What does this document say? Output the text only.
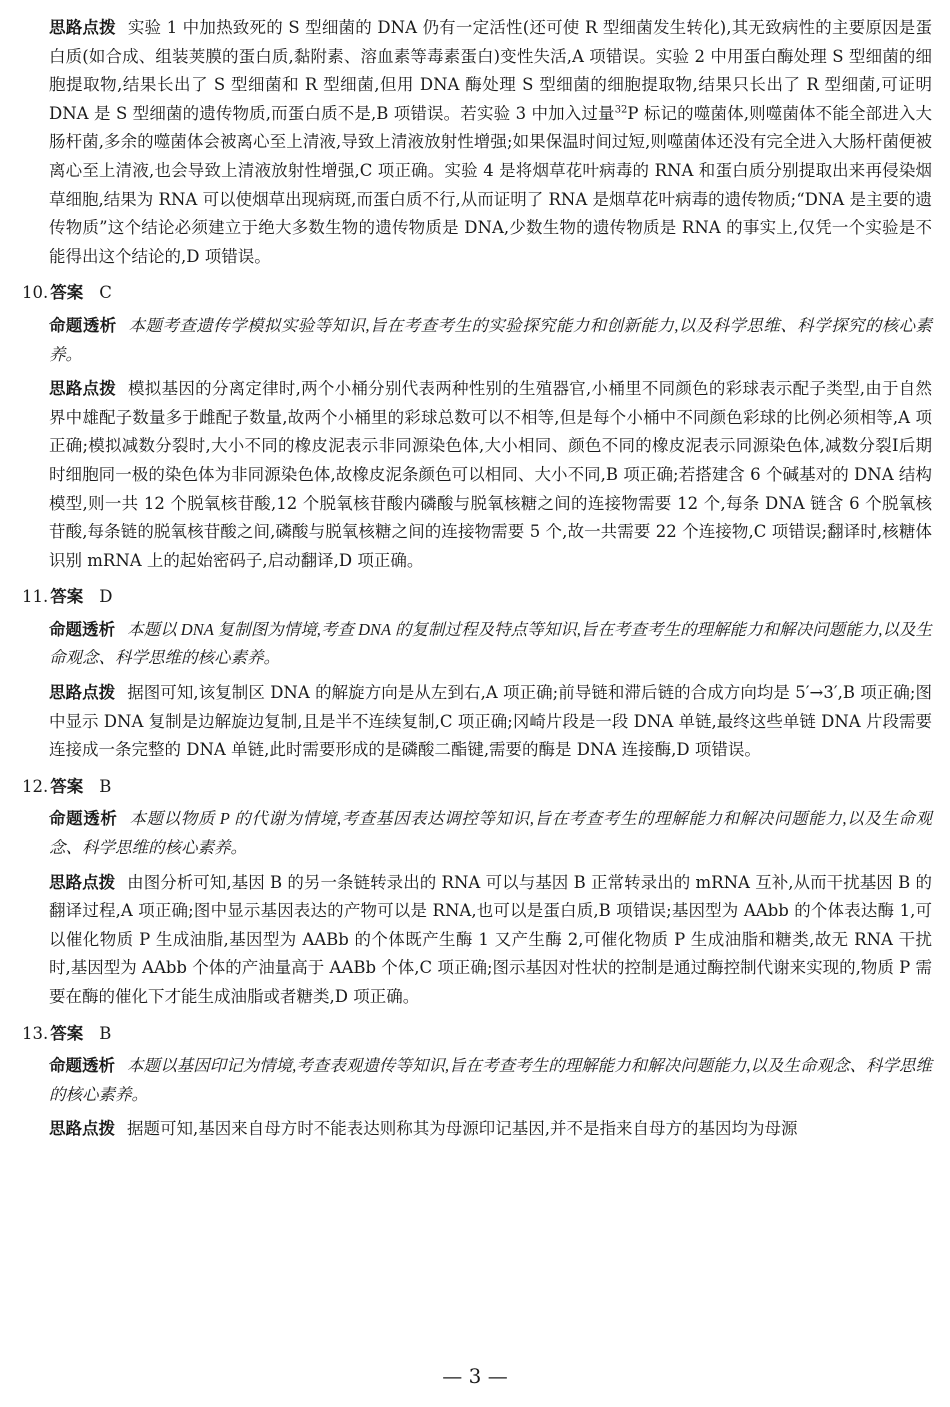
思路点拨 实验 1 中加热致死的 S 型细菌的 DNA 仍有一定活性(还可使 R 型细菌发生转化),其无致病性的主要原因是蛋白质(如合成、组装荚膜的蛋白质,黏附素、溶血素等毒素蛋白)变性失活,A 项错误。实验 2 中用蛋白酶处理 S 型细菌的细胞提取物,结果长出了 S 型细菌和 R 型细菌,但用 DNA 酶处理 S 型细菌的细胞提取物,结果只长出了 R 型细菌,可证明 DNA 是 S 型细菌的遗传物质,而蛋白质不是,B 项错误。若实验 3 中加入过量$^{32}$P 标记的噬菌体,则噬菌体不能全部进入大肠杆菌,多余的噬菌体会被离心至上清液,导致上清液放射性增强;如果保温时间过短,则噬菌体还没有完全进入大肠杆菌便被离心至上清液,也会导致上清液放射性增强,C 项正确。实验 4 是将烟草花叶病毒的 RNA 和蛋白质分别提取出来再侵染烟草细胞,结果为 RNA 可以使烟草出现病斑,而蛋白质不行,从而证明了 RNA 是烟草花叶病毒的遗传物质;“DNA 是主要的遗传物质”这个结论必须建立于绝大多数生物的遗传物质是 DNA,少数生物的遗传物质是 RNA 的事实上,仅凭一个实验是不能得出这个结论的,D 项错误。

10. 答案 C

命题透析 本题考查遗传学模拟实验等知识,旨在考查考生的实验探究能力和创新能力,以及科学思维、科学探究的核心素养。

思路点拨 模拟基因的分离定律时,两个小桶分别代表两种性别的生殖器官,小桶里不同颜色的彩球表示配子类型,由于自然界中雄配子数量多于雌配子数量,故两个小桶里的彩球总数可以不相等,但是每个小桶中不同颜色彩球的比例必须相等,A 项正确;模拟减数分裂时,大小不同的橡皮泥表示非同源染色体,大小相同、颜色不同的橡皮泥表示同源染色体,减数分裂Ⅰ后期时细胞同一极的染色体为非同源染色体,故橡皮泥条颜色可以相同、大小不同,B 项正确;若搭建含 6 个碱基对的 DNA 结构模型,则一共 12 个脱氧核苷酸,12 个脱氧核苷酸内磷酸与脱氧核糖之间的连接物需要 12 个,每条 DNA 链含 6 个脱氧核苷酸,每条链的脱氧核苷酸之间,磷酸与脱氧核糖之间的连接物需要 5 个,故一共需要 22 个连接物,C 项错误;翻译时,核糖体识别 mRNA 上的起始密码子,启动翻译,D 项正确。

11. 答案 D

命题透析 本题以 DNA 复制图为情境,考查 DNA 的复制过程及特点等知识,旨在考查考生的理解能力和解决问题能力,以及生命观念、科学思维的核心素养。

思路点拨 据图可知,该复制区 DNA 的解旋方向是从左到右,A 项正确;前导链和滞后链的合成方向均是 5′→3′,B 项正确;图中显示 DNA 复制是边解旋边复制,且是半不连续复制,C 项正确;冈崎片段是一段 DNA 单链,最终这些单链 DNA 片段需要连接成一条完整的 DNA 单链,此时需要形成的是磷酸二酯键,需要的酶是 DNA 连接酶,D 项错误。

12. 答案 B

命题透析 本题以物质 P 的代谢为情境,考查基因表达调控等知识,旨在考查考生的理解能力和解决问题能力,以及生命观念、科学思维的核心素养。

思路点拨 由图分析可知,基因 B 的另一条链转录出的 RNA 可以与基因 B 正常转录出的 mRNA 互补,从而干扰基因 B 的翻译过程,A 项正确;图中显示基因表达的产物可以是 RNA,也可以是蛋白质,B 项错误;基因型为 AAbb 的个体表达酶 1,可以催化物质 P 生成油脂,基因型为 AABb 的个体既产生酶 1 又产生酶 2,可催化物质 P 生成油脂和糖类,故无 RNA 干扰时,基因型为 AAbb 个体的产油量高于 AABb 个体,C 项正确;图示基因对性状的控制是通过酶控制代谢来实现的,物质 P 需要在酶的催化下才能生成油脂或者糖类,D 项正确。

13. 答案 B

命题透析 本题以基因印记为情境,考查表观遗传等知识,旨在考查考生的理解能力和解决问题能力,以及生命观念、科学思维的核心素养。

思路点拨 据题可知,基因来自母方时不能表达则称其为母源印记基因,并不是指来自母方的基因均为母源

— 3 —
